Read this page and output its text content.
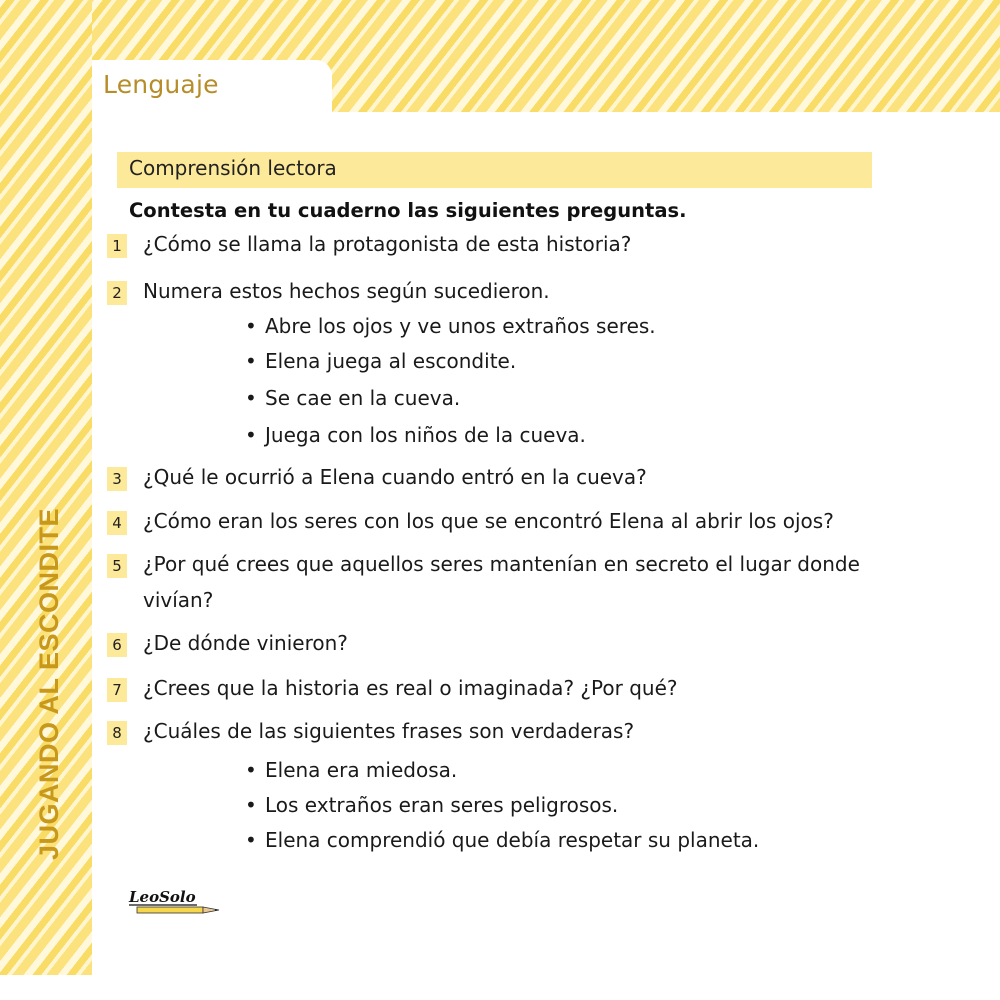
Lenguaje
JUGANDO AL ESCONDITE
Comprensión lectora
Contesta en tu cuaderno las siguientes preguntas.
1 ¿Cómo se llama la protagonista de esta historia?
2 Numera estos hechos según sucedieron.
• Abre los ojos y ve unos extraños seres.
• Elena juega al escondite.
• Se cae en la cueva.
• Juega con los niños de la cueva.
3 ¿Qué le ocurrió a Elena cuando entró en la cueva?
4 ¿Cómo eran los seres con los que se encontró Elena al abrir los ojos?
5 ¿Por qué crees que aquellos seres mantenían en secreto el lugar donde vivían?
6 ¿De dónde vinieron?
7 ¿Crees que la historia es real o imaginada? ¿Por qué?
8 ¿Cuáles de las siguientes frases son verdaderas?
• Elena era miedosa.
• Los extraños eran seres peligrosos.
• Elena comprendió que debía respetar su planeta.
LeoSolo
